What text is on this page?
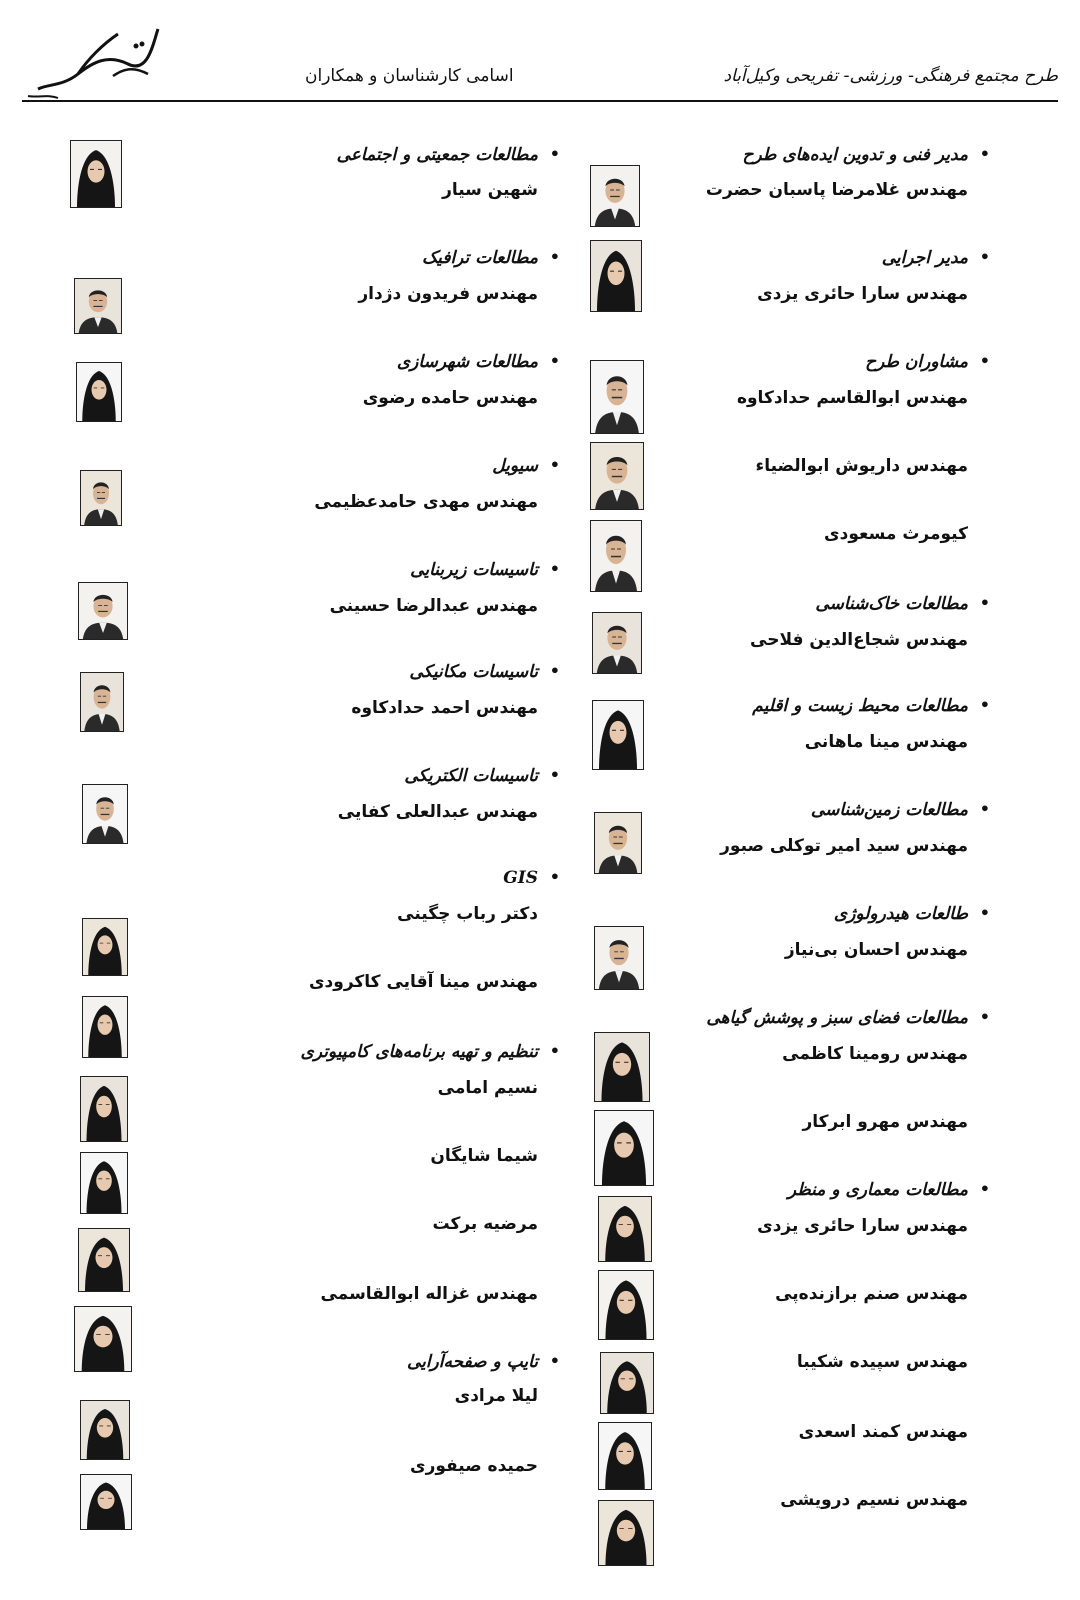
طرح مجتمع فرهنگی- ورزشی- تفریحی وکیل‌آباد
اسامی کارشناسان و همکاران
مدیر فنی و تدوین ایده‌های طرح •
مهندس غلامرضا پاسبان حضرت
مدیر اجرایی •
مهندس سارا حائری یزدی
مشاوران طرح •
مهندس ابوالقاسم حدادکاوه
مهندس داریوش ابوالضیاء
کیومرث مسعودی
مطالعات خاک‌شناسی •
مهندس شجاع‌الدین فلاحی
مطالعات محیط زیست و اقلیم •
مهندس مینا ماهانی
مطالعات زمین‌شناسی •
مهندس سید امیر توکلی صبور
طالعات هیدرولوژی •
مهندس احسان بی‌نیاز
مطالعات فضای سبز و پوشش گیاهی •
مهندس رومینا کاظمی
مهندس مهرو ابرکار
مطالعات معماری و منظر •
مهندس سارا حائری یزدی
مهندس صنم برازنده‌پی
مهندس سپیده شکیبا
مهندس کمند اسعدی
مهندس نسیم درویشی
مطالعات جمعیتی و اجتماعی •
شهین سیار
مطالعات ترافیک •
مهندس فریدون دژدار
مطالعات شهرسازی •
مهندس حامده رضوی
سیویل •
مهندس مهدی حامدعظیمی
تاسیسات زیربنایی •
مهندس عبدالرضا حسینی
تاسیسات مکانیکی •
مهندس احمد حدادکاوه
تاسیسات الکتریکی •
مهندس عبدالعلی کفایی
GIS •
دکتر رباب چگینی
مهندس مینا آقایی کاکرودی
تنظیم و تهیه برنامه‌های کامپیوتری •
نسیم امامی
شیما شایگان
مرضیه برکت
مهندس غزاله ابوالقاسمی
تایپ و صفحه‌آرایی •
لیلا مرادی
حمیده صیفوری
